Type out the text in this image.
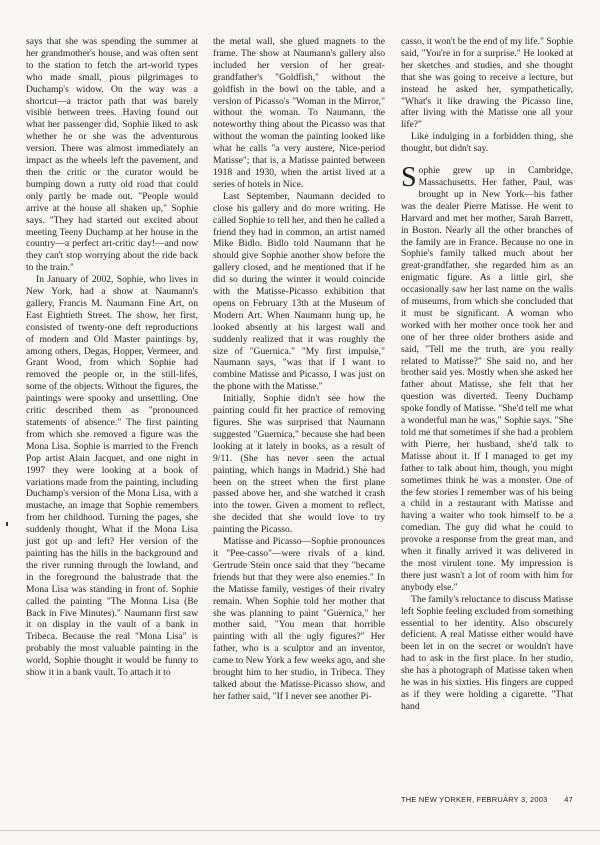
says that she was spending the summer at her grandmother's house, and was often sent to the station to fetch the art-world types who made small, pious pilgrimages to Duchamp's widow. On the way was a shortcut—a tractor path that was barely visible between trees. Having found out what her passenger did, Sophie liked to ask whether he or she was the adventurous version. There was almost immediately an impact as the wheels left the pavement, and then the critic or the curator would be bumping down a rutty old road that could only partly be made out. "People would arrive at the house all shaken up," Sophie says. "They had started out excited about meeting Teeny Duchamp at her house in the country—a perfect art-critic day!—and now they can't stop worrying about the ride back to the train."

In January of 2002, Sophie, who lives in New York, had a show at Naumann's gallery, Francis M. Naumann Fine Art, on East Eightieth Street. The show, her first, consisted of twenty-one deft reproductions of modern and Old Master paintings by, among others, Degas, Hopper, Vermeer, and Grant Wood, from which Sophie had removed the people or, in the still-lifes, some of the objects. Without the figures, the paintings were spooky and unsettling. One critic described them as "pronounced statements of absence." The first painting from which she removed a figure was the Mona Lisa. Sophie is married to the French Pop artist Alain Jacquet, and one night in 1997 they were looking at a book of variations made from the painting, including Duchamp's version of the Mona Lisa, with a mustache, an image that Sophie remembers from her childhood. Turning the pages, she suddenly thought, What if the Mona Lisa just got up and left? Her version of the painting has the hills in the background and the river running through the lowland, and in the foreground the balustrade that the Mona Lisa was standing in front of. Sophie called the painting "The Monna Lisa (Be Back in Five Minutes)." Naumann first saw it on display in the vault of a bank in Tribeca. Because the real "Mona Lisa" is probably the most valuable painting in the world, Sophie thought it would be funny to show it in a bank vault. To attach it to

the metal wall, she glued magnets to the frame. The show at Naumann's gallery also included her version of her great-grandfather's "Goldfish," without the goldfish in the bowl on the table, and a version of Picasso's "Woman in the Mirror," without the woman. To Naumann, the noteworthy thing about the Picasso was that without the woman the painting looked like what he calls "a very austere, Nice-period Matisse"; that is, a Matisse painted between 1918 and 1930, when the artist lived at a series of hotels in Nice.

Last September, Naumann decided to close his gallery and do more writing. He called Sophie to tell her, and then he called a friend they had in common, an artist named Mike Bidlo. Bidlo told Naumann that he should give Sophie another show before the gallery closed, and he mentioned that if he did so during the winter it would coincide with the Matisse-Picasso exhibition that opens on February 13th at the Museum of Modern Art. When Naumann hung up, he looked absently at his largest wall and suddenly realized that it was roughly the size of "Guernica." "My first impulse," Naumann says, "was that if I want to combine Matisse and Picasso, I was just on the phone with the Matisse."

Initially, Sophie didn't see how the painting could fit her practice of removing figures. She was surprised that Naumann suggested "Guernica," because she had been looking at it lately in books, as a result of 9/11. (She has never seen the actual painting, which hangs in Madrid.) She had been on the street when the first plane passed above her, and she watched it crash into the tower. Given a moment to reflect, she decided that she would love to try painting the Picasso.

Matisse and Picasso—Sophie pronounces it "Pee-casso"—were rivals of a kind. Gertrude Stein once said that they "became friends but that they were also enemies." In the Matisse family, vestiges of their rivalry remain. When Sophie told her mother that she was planning to paint "Guernica," her mother said, "You mean that horrible painting with all the ugly figures?" Her father, who is a sculptor and an inventor, came to New York a few weeks ago, and she brought him to her studio, in Tribeca. They talked about the Matisse-Picasso show, and her father said, "If I never see another Pi-

casso, it won't be the end of my life." Sophie said, "You're in for a surprise." He looked at her sketches and studies, and she thought that she was going to receive a lecture, but instead he asked her, sympathetically, "What's it like drawing the Picasso line, after living with the Matisse one all your life?"

Like indulging in a forbidden thing, she thought, but didn't say.

Sophie grew up in Cambridge, Massachusetts. Her father, Paul, was brought up in New York—his father was the dealer Pierre Matisse. He went to Harvard and met her mother, Sarah Barrett, in Boston. Nearly all the other branches of the family are in France. Because no one in Sophie's family talked much about her great-grandfather, she regarded him as an enigmatic figure. As a little girl, she occasionally saw her last name on the walls of museums, from which she concluded that it must be significant. A woman who worked with her mother once took her and one of her three older brothers aside and said, "Tell me the truth, are you really related to Matisse?" She said no, and her brother said yes. Mostly when she asked her father about Matisse, she felt that her question was diverted. Teeny Duchamp spoke fondly of Matisse. "She'd tell me what a wonderful man he was," Sophie says. "She told me that sometimes if she had a problem with Pierre, her husband, she'd talk to Matisse about it. If I managed to get my father to talk about him, though, you might sometimes think he was a monster. One of the few stories I remember was of his being a child in a restaurant with Matisse and having a waiter who took himself to be a comedian. The guy did what he could to provoke a response from the great man, and when it finally arrived it was delivered in the most virulent tone. My impression is there just wasn't a lot of room with him for anybody else."

The family's reluctance to discuss Matisse left Sophie feeling excluded from something essential to her identity. Also obscurely deficient. A real Matisse either would have been let in on the secret or wouldn't have had to ask in the first place. In her studio, she has a photograph of Matisse taken when he was in his sixties. His fingers are cupped as if they were holding a cigarette. "That hand

THE NEW YORKER, FEBRUARY 3, 2003 47
